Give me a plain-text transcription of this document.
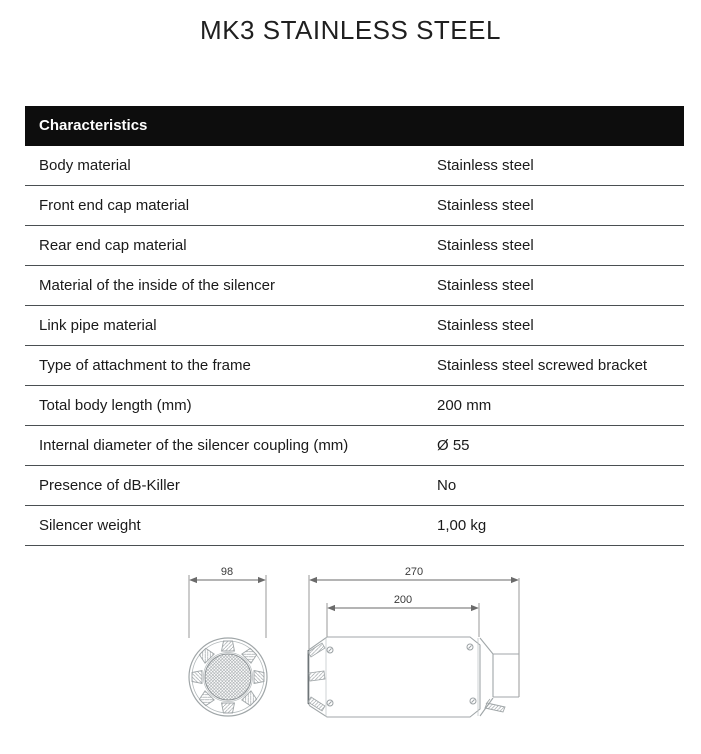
MK3 STAINLESS STEEL
Characteristics
Body material	Stainless steel
Front end cap material	Stainless steel
Rear end cap material	Stainless steel
Material of the inside of the silencer	Stainless steel
Link pipe material	Stainless steel
Type of attachment to the frame	Stainless steel screwed bracket
Total body length (mm)	200 mm
Internal diameter of the silencer coupling (mm)	Ø 55
Presence of dB-Killer	No
Silencer weight	1,00 kg
98	270
200
